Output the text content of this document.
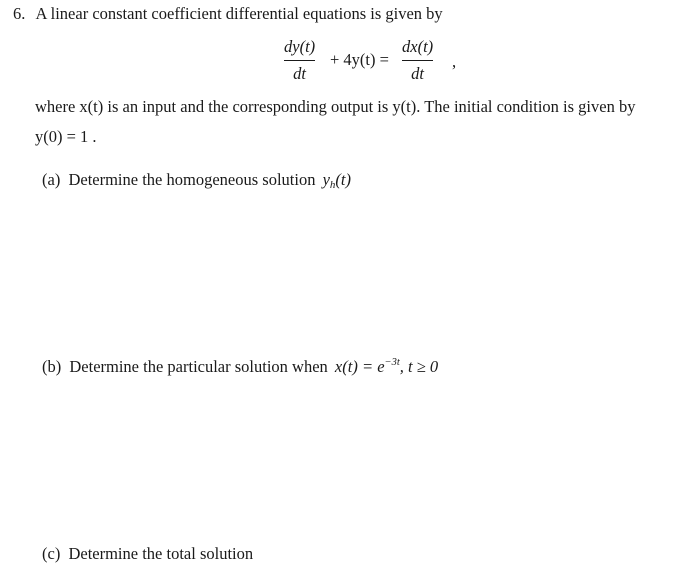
6. A linear constant coefficient differential equations is given by
dy(t)
dt
+ 4y(t) =
dx(t)
dt
,
where x(t) is an input and the corresponding output is y(t). The initial condition is given by
y(0) = 1 .
(a) Determine the homogeneous solution $y_h(t)$
(b) Determine the particular solution when $x(t) = e^{-3t}$, t ≥ 0
(c) Determine the total solution
